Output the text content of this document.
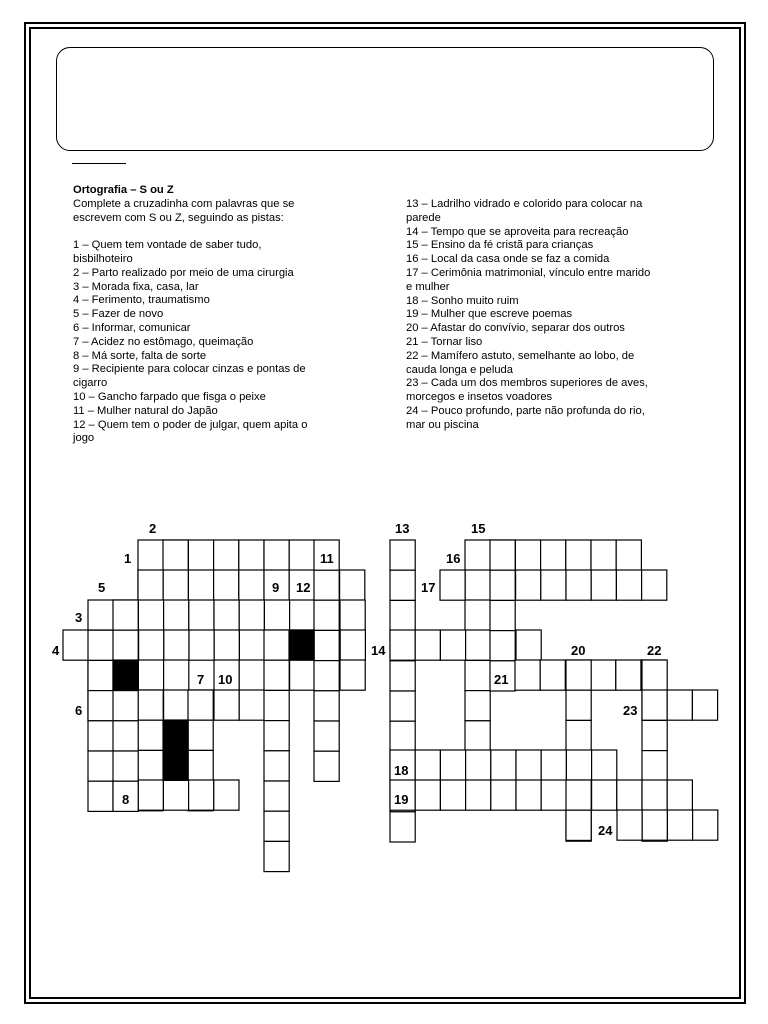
Ortografia – S ou Z
Complete a cruzadinha com palavras que se
escrevem com S ou Z, seguindo as pistas:
1 – Quem tem vontade de saber tudo,
bisbilhoteiro
2 – Parto realizado por meio de uma cirurgia
3 – Morada fixa, casa, lar
4 – Ferimento, traumatismo
5 – Fazer de novo
6 – Informar, comunicar
7 – Acidez no estômago, queimação
8 – Má sorte, falta de sorte
9 – Recipiente para colocar cinzas e pontas de
cigarro
10 – Gancho farpado que fisga o peixe
11 – Mulher natural do Japão
12 – Quem tem o poder de julgar, quem apita o
jogo
13 – Ladrilho vidrado e colorido para colocar na
parede
14 – Tempo que se aproveita para recreação
15 – Ensino da fé cristã para crianças
16 – Local da casa onde se faz a comida
17 – Cerimônia matrimonial, vínculo entre marido
e mulher
18 – Sonho muito ruim
19 – Mulher que escreve poemas
20 – Afastar do convívio, separar dos outros
21 – Tornar liso
22 – Mamífero astuto, semelhante ao lobo, de
cauda longa e peluda
23 – Cada um dos membros superiores de aves,
morcegos e insetos voadores
24 – Pouco profundo, parte não profunda do rio,
mar ou piscina
1
2
3
4
5
6
7
8
9
10
11
12
13
14
15
16
17
18
19
20
21
22
23
24
